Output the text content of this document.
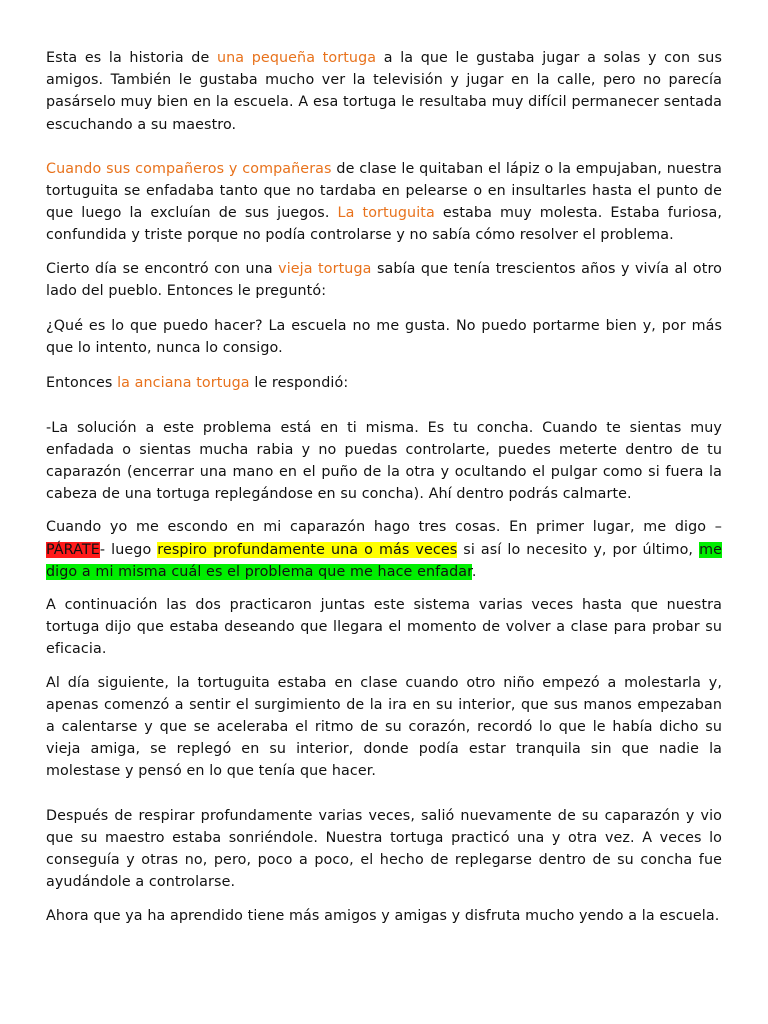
Esta es la historia de una pequeña tortuga a la que le gustaba jugar a solas y con sus amigos. También le gustaba mucho ver la televisión y jugar en la calle, pero no parecía pasárselo muy bien en la escuela. A esa tortuga le resultaba muy difícil permanecer sentada escuchando a su maestro.

Cuando sus compañeros y compañeras de clase le quitaban el lápiz o la empujaban, nuestra tortuguita se enfadaba tanto que no tardaba en pelearse o en insultarles hasta el punto de que luego la excluían de sus juegos. La tortuguita estaba muy molesta. Estaba furiosa, confundida y triste porque no podía controlarse y no sabía cómo resolver el problema.

Cierto día se encontró con una vieja tortuga sabía que tenía trescientos años y vivía al otro lado del pueblo. Entonces le preguntó:

¿Qué es lo que puedo hacer? La escuela no me gusta. No puedo portarme bien y, por más que lo intento, nunca lo consigo.

Entonces la anciana tortuga le respondió:

-La solución a este problema está en ti misma. Es tu concha. Cuando te sientas muy enfadada o sientas mucha rabia y no puedas controlarte, puedes meterte dentro de tu caparazón (encerrar una mano en el puño de la otra y ocultando el pulgar como si fuera la cabeza de una tortuga replegándose en su concha). Ahí dentro podrás calmarte.

Cuando yo me escondo en mi caparazón hago tres cosas. En primer lugar, me digo – PÁRATE- luego respiro profundamente una o más veces si así lo necesito y, por último, me digo a mi misma cuál es el problema que me hace enfadar.

A continuación las dos practicaron juntas este sistema varias veces hasta que nuestra tortuga dijo que estaba deseando que llegara el momento de volver a clase para probar su eficacia.

Al día siguiente, la tortuguita estaba en clase cuando otro niño empezó a molestarla y, apenas comenzó a sentir el surgimiento de la ira en su interior, que sus manos empezaban a calentarse y que se aceleraba el ritmo de su corazón, recordó lo que le había dicho su vieja amiga, se replegó en su interior, donde podía estar tranquila sin que nadie la molestase y pensó en lo que tenía que hacer.

Después de respirar profundamente varias veces, salió nuevamente de su caparazón y vio que su maestro estaba sonriéndole. Nuestra tortuga practicó una y otra vez. A veces lo conseguía y otras no, pero, poco a poco, el hecho de replegarse dentro de su concha fue ayudándole a controlarse.

Ahora que ya ha aprendido tiene más amigos y amigas y disfruta mucho yendo a la escuela.
